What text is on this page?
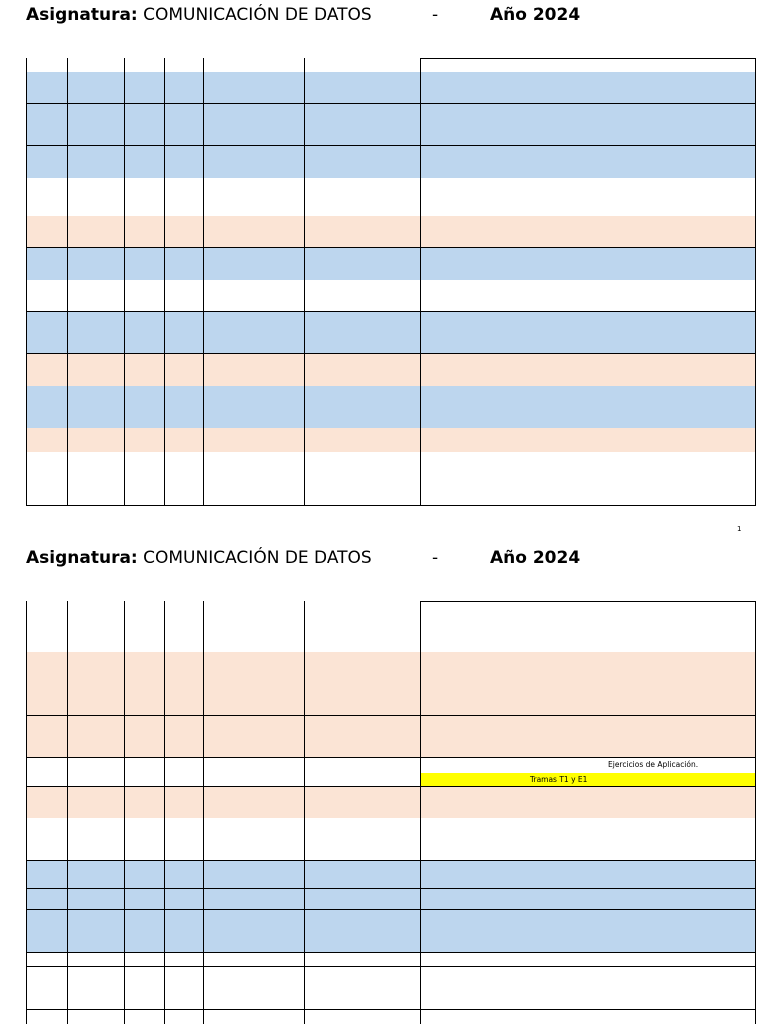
Asignatura: COMUNICACIÓN DE DATOS	-	Año 2024
1
Asignatura: COMUNICACIÓN DE DATOS	-	Año 2024
Ejercicios de Aplicación.
Tramas T1 y E1
